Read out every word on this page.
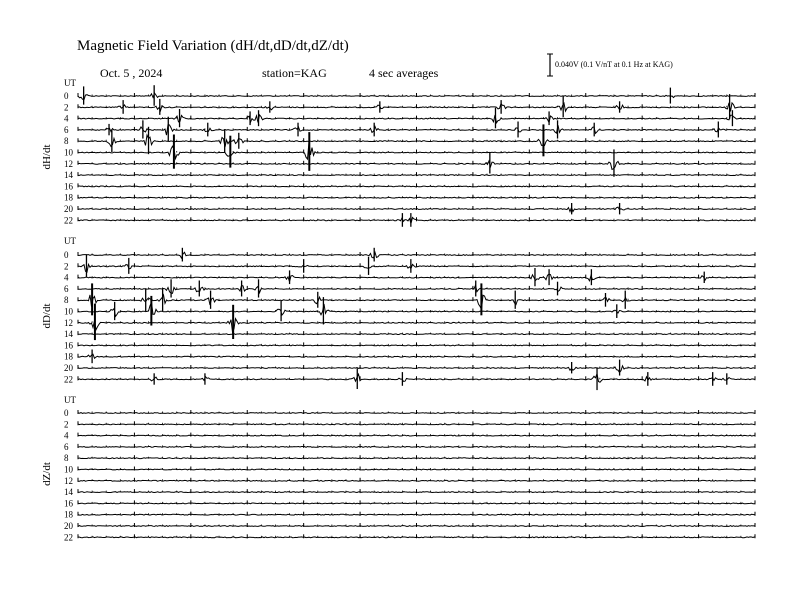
Magnetic Field Variation (dH/dt,dD/dt,dZ/dt)
Oct. 5 , 2024	station=KAG	4 sec averages
0.040V (0.1 V/nT at 0.1 Hz at KAG)
UT
dH/dt
0
2
4
6
8
10
12
14
16
18
20
22
UT
dD/dt
0
2
4
6
8
10
12
14
16
18
20
22
UT
dZ/dt
0
2
4
6
8
10
12
14
16
18
20
22
